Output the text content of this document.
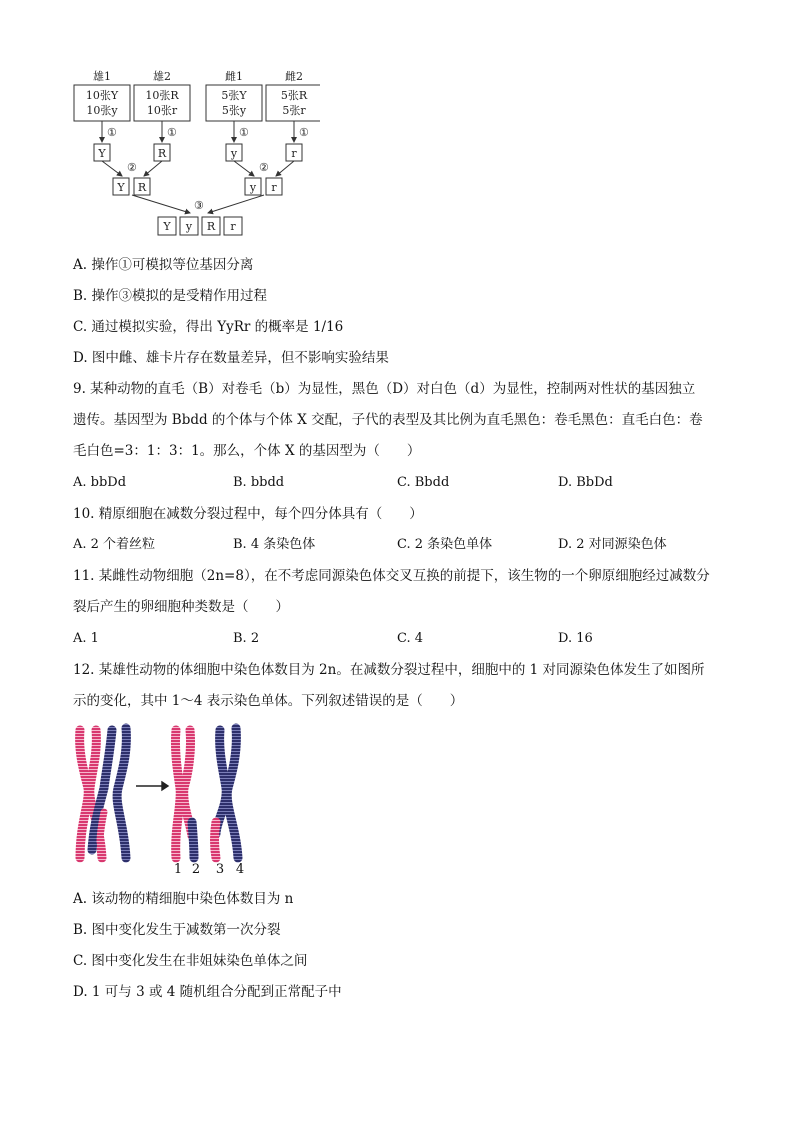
雄1	雄2	雌1	雌2
10张Y
10张y
10张R
10张r
5张Y
5张y
5张R
5张r
①	①	①	①
Y	R	y	r
②	②
Y R	y r
③
Y y R r
A. 操作①可模拟等位基因分离
B. 操作③模拟的是受精作用过程
C. 通过模拟实验，得出 YyRr 的概率是 1/16
D. 图中雌、雄卡片存在数量差异，但不影响实验结果
9. 某种动物的直毛（B）对卷毛（b）为显性，黑色（D）对白色（d）为显性，控制两对性状的基因独立
遗传。基因型为 Bbdd 的个体与个体 X 交配，子代的表型及其比例为直毛黑色：卷毛黑色：直毛白色：卷
毛白色=3：1：3：1。那么，个体 X 的基因型为（　　）
A. bbDd	B. bbdd	C. Bbdd	D. BbDd
10. 精原细胞在减数分裂过程中，每个四分体具有（　　）
A. 2 个着丝粒	B. 4 条染色体	C. 2 条染色单体	D. 2 对同源染色体
11. 某雌性动物细胞（2n=8），在不考虑同源染色体交叉互换的前提下，该生物的一个卵原细胞经过减数分
裂后产生的卵细胞种类数是（　　）
A. 1	B. 2	C. 4	D. 16
12. 某雄性动物的体细胞中染色体数目为 2n。在减数分裂过程中，细胞中的 1 对同源染色体发生了如图所
示的变化，其中 1～4 表示染色单体。下列叙述错误的是（　　）
1 2 3 4
A. 该动物的精细胞中染色体数目为 n
B. 图中变化发生于减数第一次分裂
C. 图中变化发生在非姐妹染色单体之间
D. 1 可与 3 或 4 随机组合分配到正常配子中
